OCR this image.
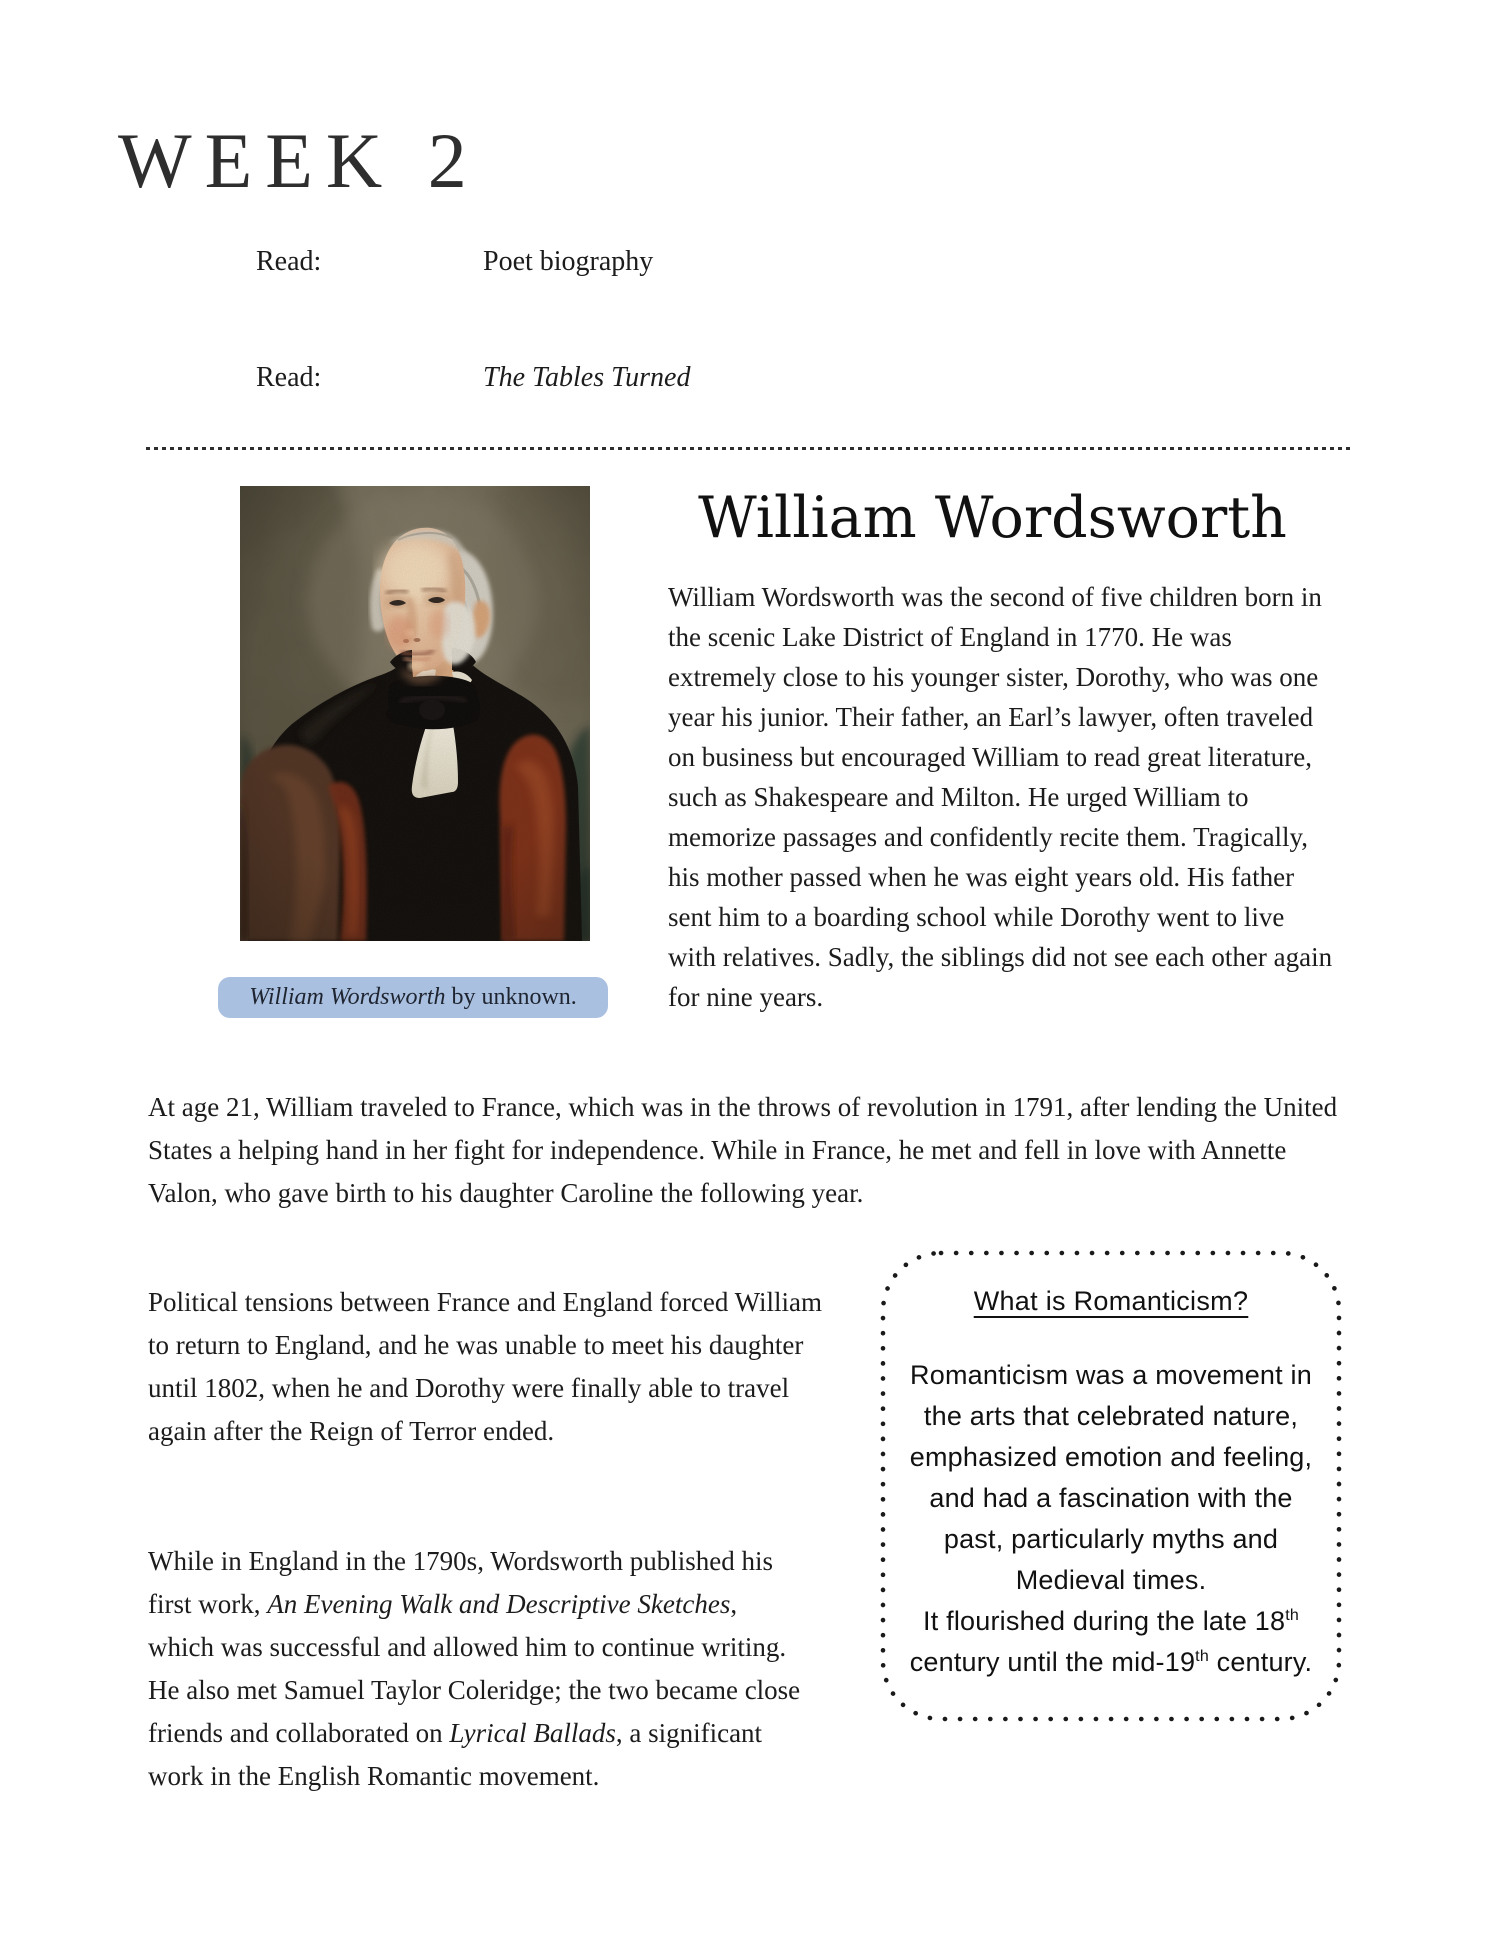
WEEK 2
Read:	Poet biography
Read:	The Tables Turned
William Wordsworth by unknown.
William Wordsworth

William Wordsworth was the second of five children born in the scenic Lake District of England in 1770. He was extremely close to his younger sister, Dorothy, who was one year his junior. Their father, an Earl’s lawyer, often traveled on business but encouraged William to read great literature, such as Shakespeare and Milton. He urged William to memorize passages and confidently recite them. Tragically, his mother passed when he was eight years old. His father sent him to a boarding school while Dorothy went to live with relatives. Sadly, the siblings did not see each other again for nine years.

At age 21, William traveled to France, which was in the throws of revolution in 1791, after lending the United States a helping hand in her fight for independence. While in France, he met and fell in love with Annette Valon, who gave birth to his daughter Caroline the following year.

Political tensions between France and England forced William to return to England, and he was unable to meet his daughter until 1802, when he and Dorothy were finally able to travel again after the Reign of Terror ended.

While in England in the 1790s, Wordsworth published his first work, An Evening Walk and Descriptive Sketches, which was successful and allowed him to continue writing. He also met Samuel Taylor Coleridge; the two became close friends and collaborated on Lyrical Ballads, a significant work in the English Romantic movement.

What is Romanticism?
Romanticism was a movement in the arts that celebrated nature, emphasized emotion and feeling, and had a fascination with the past, particularly myths and Medieval times.
It flourished during the late 18th century until the mid-19th century.
